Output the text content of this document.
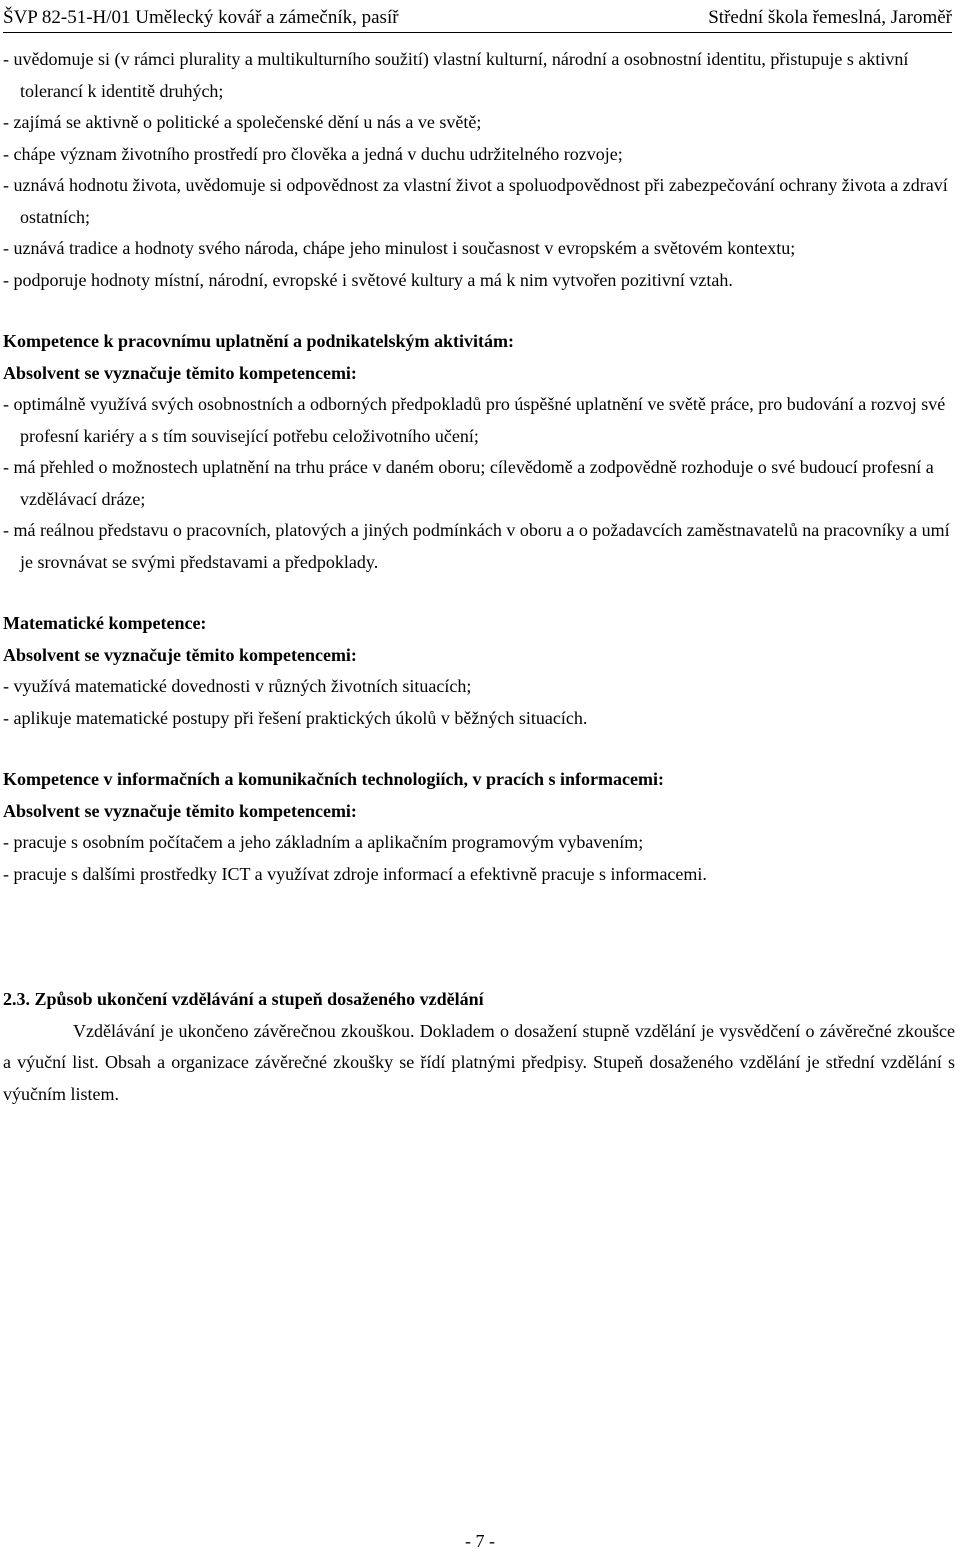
ŠVP 82-51-H/01 Umělecký kovář a zámečník, pasíř	Střední škola řemeslná, Jaroměř
- uvědomuje si (v rámci plurality a multikulturního soužití) vlastní kulturní, národní a osobnostní identitu, přistupuje s aktivní tolerancí k identitě druhých;
- zajímá se aktivně o politické a společenské dění u nás a ve světě;
- chápe význam životního prostředí pro člověka a jedná v duchu udržitelného rozvoje;
- uznává hodnotu života, uvědomuje si odpovědnost za vlastní život a spoluodpovědnost při zabezpečování ochrany života a zdraví ostatních;
- uznává tradice a hodnoty svého národa, chápe jeho minulost i současnost v evropském a světovém kontextu;
- podporuje hodnoty místní, národní, evropské i světové kultury a má k nim vytvořen pozitivní vztah.

Kompetence k pracovnímu uplatnění a podnikatelským aktivitám:

Absolvent se vyznačuje těmito kompetencemi:

- optimálně využívá svých osobnostních a odborných předpokladů pro úspěšné uplatnění ve světě práce, pro budování a rozvoj své profesní kariéry a s tím související potřebu celoživotního učení;
- má přehled o možnostech uplatnění na trhu práce v daném oboru; cílevědomě a zodpovědně rozhoduje o své budoucí profesní a vzdělávací dráze;
- má reálnou představu o pracovních, platových a jiných podmínkách v oboru a o požadavcích zaměstnavatelů na pracovníky a umí je srovnávat se svými představami a předpoklady.

Matematické kompetence:

Absolvent se vyznačuje těmito kompetencemi:

- využívá matematické dovednosti v různých životních situacích;
- aplikuje matematické postupy při řešení praktických úkolů v běžných situacích.

Kompetence v informačních a komunikačních technologiích, v pracích s informacemi:

Absolvent se vyznačuje těmito kompetencemi:

- pracuje s osobním počítačem a jeho základním a aplikačním programovým vybavením;
- pracuje s dalšími prostředky ICT a využívat zdroje informací a efektivně pracuje s informacemi.

2.3. Způsob ukončení vzdělávání a stupeň dosaženého vzdělání

Vzdělávání je ukončeno závěrečnou zkouškou. Dokladem o dosažení stupně vzdělání je vysvědčení o závěrečné zkoušce a výuční list. Obsah a organizace závěrečné zkoušky se řídí platnými předpisy. Stupeň dosaženého vzdělání je střední vzdělání s výučním listem.

- 7 -
